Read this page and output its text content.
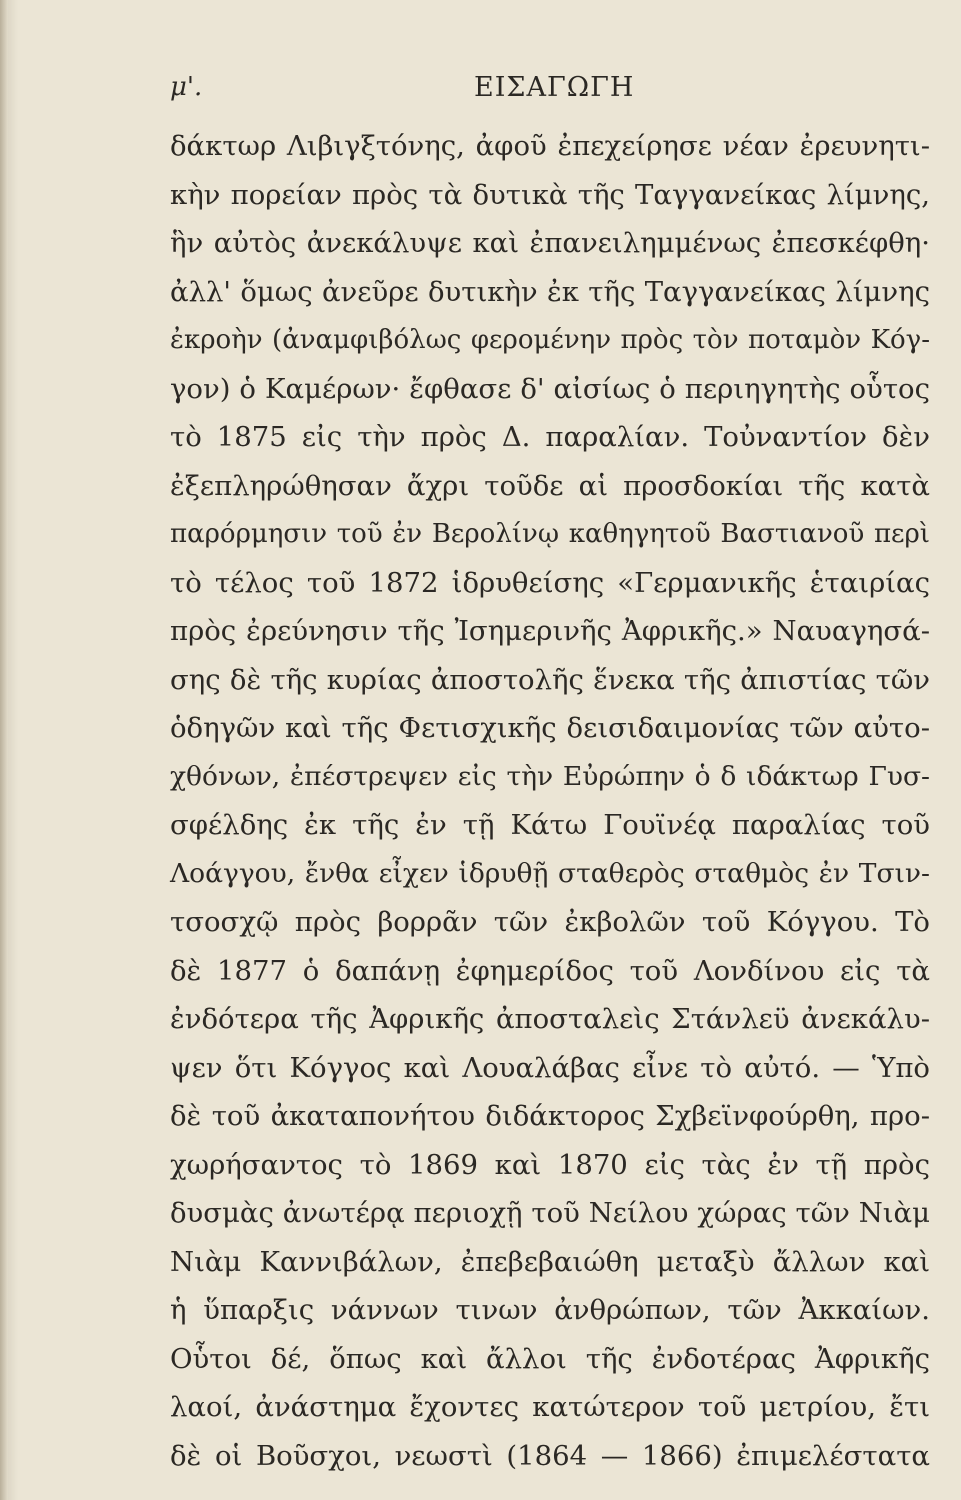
μ'.	ΕΙΣΑΓΩΓΗ
δάκτωρ Λιβιγξτόνης, ἀφοῦ ἐπεχείρησε νέαν ἐρευνητι-
κὴν πορείαν πρὸς τὰ δυτικὰ τῆς Ταγγανείκας λίμνης,
ἣν αὐτὸς ἀνεκάλυψε καὶ ἐπανειλημμένως ἐπεσκέφθη·
ἀλλ' ὅμως ἀνεῦρε δυτικὴν ἐκ τῆς Ταγγανείκας λίμνης
ἐκροὴν (ἀναμφιβόλως φερομένην πρὸς τὸν ποταμὸν Κόγ-
γον) ὁ Καμέρων· ἔφθασε δ' αἰσίως ὁ περιηγητὴς οὗτος
τὸ 1875 εἰς τὴν πρὸς Δ. παραλίαν. Τοὐναντίον δὲν
ἐξεπληρώθησαν ἄχρι τοῦδε αἱ προσδοκίαι τῆς κατὰ
παρόρμησιν τοῦ ἐν Βερολίνῳ καθηγητοῦ Βαστιανοῦ περὶ
τὸ τέλος τοῦ 1872 ἱδρυθείσης «Γερμανικῆς ἑταιρίας
πρὸς ἐρεύνησιν τῆς Ἰσημερινῆς Ἀφρικῆς.» Ναυαγησά-
σης δὲ τῆς κυρίας ἀποστολῆς ἕνεκα τῆς ἀπιστίας τῶν
ὁδηγῶν καὶ τῆς Φετισχικῆς δεισιδαιμονίας τῶν αὐτο-
χθόνων, ἐπέστρεψεν εἰς τὴν Εὐρώπην ὁ δ ιδάκτωρ Γυσ-
σφέλδης ἐκ τῆς ἐν τῇ Κάτω Γουϊνέᾳ παραλίας τοῦ
Λοάγγου, ἔνθα εἶχεν ἱδρυθῇ σταθερὸς σταθμὸς ἐν Τσιν-
τσοσχῷ πρὸς βορρᾶν τῶν ἐκβολῶν τοῦ Κόγγου. Τὸ
δὲ 1877 ὁ δαπάνῃ ἐφημερίδος τοῦ Λονδίνου εἰς τὰ
ἐνδότερα τῆς Ἀφρικῆς ἀποσταλεὶς Στάνλεϋ ἀνεκάλυ-
ψεν ὅτι Κόγγος καὶ Λουαλάβας εἶνε τὸ αὐτό. — Ὑπὸ
δὲ τοῦ ἀκαταπονήτου διδάκτορος Σχβεϊνφούρθη, προ-
χωρήσαντος τὸ 1869 καὶ 1870 εἰς τὰς ἐν τῇ πρὸς
δυσμὰς ἀνωτέρᾳ περιοχῇ τοῦ Νείλου χώρας τῶν Νιὰμ
Νιὰμ Καννιβάλων, ἐπεβεβαιώθη μεταξὺ ἄλλων καὶ
ἡ ὕπαρξις νάννων τινων ἀνθρώπων, τῶν Ἀκκαίων.
Οὗτοι δέ, ὅπως καὶ ἄλλοι τῆς ἐνδοτέρας Ἀφρικῆς
λαοί, ἀνάστημα ἔχοντες κατώτερον τοῦ μετρίου, ἔτι
δὲ οἱ Βοῦσχοι, νεωστὶ (1864 — 1866) ἐπιμελέστατα
